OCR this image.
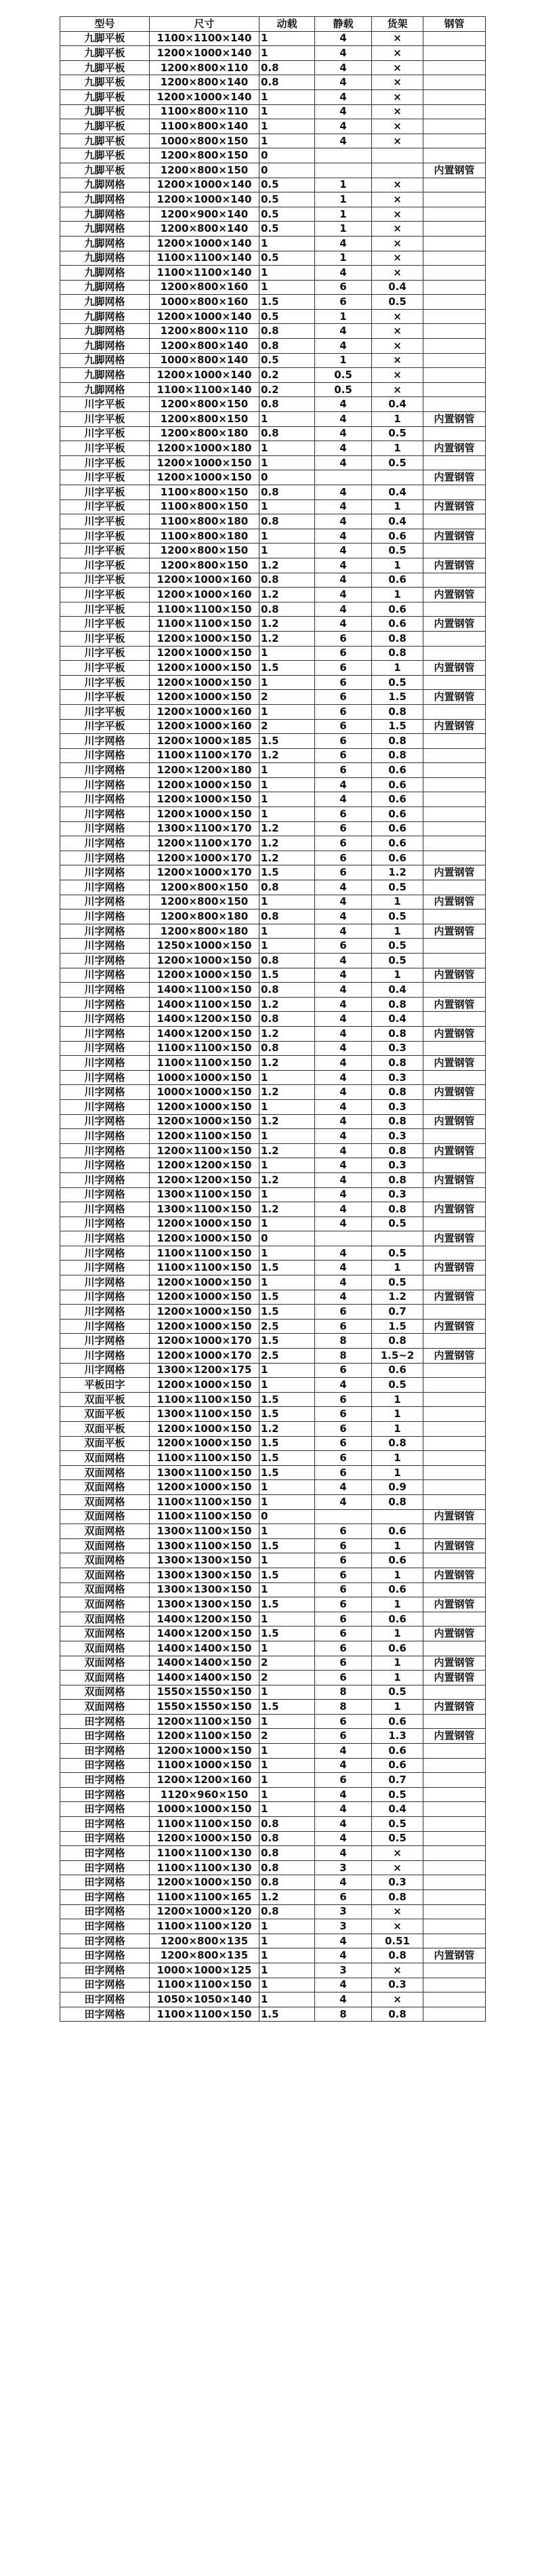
型号	尺寸	动载	静载	货架	钢管
九脚平板	1100×1100×140	1	4	×	
九脚平板	1200×1000×140	1	4	×	
九脚平板	1200×800×110	0.8	4	×	
九脚平板	1200×800×140	0.8	4	×	
九脚平板	1200×1000×140	1	4	×	
九脚平板	1100×800×110	1	4	×	
九脚平板	1100×800×140	1	4	×	
九脚平板	1000×800×150	1	4	×	
九脚平板	1200×800×150	0			
九脚平板	1200×800×150	0			内置钢管
九脚网格	1200×1000×140	0.5	1	×	
九脚网格	1200×1000×140	0.5	1	×	
九脚网格	1200×900×140	0.5	1	×	
九脚网格	1200×800×140	0.5	1	×	
九脚网格	1200×1000×140	1	4	×	
九脚网格	1100×1100×140	0.5	1	×	
九脚网格	1100×1100×140	1	4	×	
九脚网格	1200×800×160	1	6	0.4	
九脚网格	1000×800×160	1.5	6	0.5	
九脚网格	1200×1000×140	0.5	1	×	
九脚网格	1200×800×110	0.8	4	×	
九脚网格	1200×800×140	0.8	4	×	
九脚网格	1000×800×140	0.5	1	×	
九脚网格	1200×1000×140	0.2	0.5	×	
九脚网格	1100×1100×140	0.2	0.5	×	
川字平板	1200×800×150	0.8	4	0.4	
川字平板	1200×800×150	1	4	1	内置钢管
川字平板	1200×800×180	0.8	4	0.5	
川字平板	1200×1000×180	1	4	1	内置钢管
川字平板	1200×1000×150	1	4	0.5	
川字平板	1200×1000×150	0			内置钢管
川字平板	1100×800×150	0.8	4	0.4	
川字平板	1100×800×150	1	4	1	内置钢管
川字平板	1100×800×180	0.8	4	0.4	
川字平板	1100×800×180	1	4	0.6	内置钢管
川字平板	1200×800×150	1	4	0.5	
川字平板	1200×800×150	1.2	4	1	内置钢管
川字平板	1200×1000×160	0.8	4	0.6	
川字平板	1200×1000×160	1.2	4	1	内置钢管
川字平板	1100×1100×150	0.8	4	0.6	
川字平板	1100×1100×150	1.2	4	0.6	内置钢管
川字平板	1200×1000×150	1.2	6	0.8	
川字平板	1200×1000×150	1	6	0.8	
川字平板	1200×1000×150	1.5	6	1	内置钢管
川字平板	1200×1000×150	1	6	0.5	
川字平板	1200×1000×150	2	6	1.5	内置钢管
川字平板	1200×1000×160	1	6	0.8	
川字平板	1200×1000×160	2	6	1.5	内置钢管
川字网格	1200×1000×185	1.5	6	0.8	
川字网格	1100×1100×170	1.2	6	0.8	
川字网格	1200×1200×180	1	6	0.6	
川字网格	1200×1000×150	1	4	0.6	
川字网格	1200×1000×150	1	4	0.6	
川字网格	1200×1000×150	1	6	0.6	
川字网格	1300×1100×170	1.2	6	0.6	
川字网格	1200×1100×170	1.2	6	0.6	
川字网格	1200×1000×170	1.2	6	0.6	
川字网格	1200×1000×170	1.5	6	1.2	内置钢管
川字网格	1200×800×150	0.8	4	0.5	
川字网格	1200×800×150	1	4	1	内置钢管
川字网格	1200×800×180	0.8	4	0.5	
川字网格	1200×800×180	1	4	1	内置钢管
川字网格	1250×1000×150	1	6	0.5	
川字网格	1200×1000×150	0.8	4	0.5	
川字网格	1200×1000×150	1.5	4	1	内置钢管
川字网格	1400×1100×150	0.8	4	0.4	
川字网格	1400×1100×150	1.2	4	0.8	内置钢管
川字网格	1400×1200×150	0.8	4	0.4	
川字网格	1400×1200×150	1.2	4	0.8	内置钢管
川字网格	1100×1100×150	0.8	4	0.3	
川字网格	1100×1100×150	1.2	4	0.8	内置钢管
川字网格	1000×1000×150	1	4	0.3	
川字网格	1000×1000×150	1.2	4	0.8	内置钢管
川字网格	1200×1000×150	1	4	0.3	
川字网格	1200×1000×150	1.2	4	0.8	内置钢管
川字网格	1200×1100×150	1	4	0.3	
川字网格	1200×1100×150	1.2	4	0.8	内置钢管
川字网格	1200×1200×150	1	4	0.3	
川字网格	1200×1200×150	1.2	4	0.8	内置钢管
川字网格	1300×1100×150	1	4	0.3	
川字网格	1300×1100×150	1.2	4	0.8	内置钢管
川字网格	1200×1000×150	1	4	0.5	
川字网格	1200×1000×150	0			内置钢管
川字网格	1100×1100×150	1	4	0.5	
川字网格	1100×1100×150	1.5	4	1	内置钢管
川字网格	1200×1000×150	1	4	0.5	
川字网格	1200×1000×150	1.5	4	1.2	内置钢管
川字网格	1200×1000×150	1.5	6	0.7	
川字网格	1200×1000×150	2.5	6	1.5	内置钢管
川字网格	1200×1000×170	1.5	8	0.8	
川字网格	1200×1000×170	2.5	8	1.5~2	内置钢管
川字网格	1300×1200×175	1	6	0.6	
平板田字	1200×1000×150	1	4	0.5	
双面平板	1100×1100×150	1.5	6	1	
双面平板	1300×1100×150	1.5	6	1	
双面平板	1200×1000×150	1.2	6	1	
双面平板	1200×1000×150	1.5	6	0.8	
双面网格	1100×1100×150	1.5	6	1	
双面网格	1300×1100×150	1.5	6	1	
双面网格	1200×1000×150	1	4	0.9	
双面网格	1100×1100×150	1	4	0.8	
双面网格	1100×1100×150	0			内置钢管
双面网格	1300×1100×150	1	6	0.6	
双面网格	1300×1100×150	1.5	6	1	内置钢管
双面网格	1300×1300×150	1	6	0.6	
双面网格	1300×1300×150	1.5	6	1	内置钢管
双面网格	1300×1300×150	1	6	0.6	
双面网格	1300×1300×150	1.5	6	1	内置钢管
双面网格	1400×1200×150	1	6	0.6	
双面网格	1400×1200×150	1.5	6	1	内置钢管
双面网格	1400×1400×150	1	6	0.6	
双面网格	1400×1400×150	2	6	1	内置钢管
双面网格	1400×1400×150	2	6	1	内置钢管
双面网格	1550×1550×150	1	8	0.5	
双面网格	1550×1550×150	1.5	8	1	内置钢管
田字网格	1200×1100×150	1	6	0.6	
田字网格	1200×1100×150	2	6	1.3	内置钢管
田字网格	1200×1000×150	1	4	0.6	
田字网格	1100×1000×150	1	4	0.6	
田字网格	1200×1200×160	1	6	0.7	
田字网格	1120×960×150	1	4	0.5	
田字网格	1000×1000×150	1	4	0.4	
田字网格	1100×1100×150	0.8	4	0.5	
田字网格	1200×1000×150	0.8	4	0.5	
田字网格	1100×1100×130	0.8	4	×	
田字网格	1100×1100×130	0.8	3	×	
田字网格	1200×1000×150	0.8	4	0.3	
田字网格	1100×1100×165	1.2	6	0.8	
田字网格	1200×1000×120	0.8	3	×	
田字网格	1100×1100×120	1	3	×	
田字网格	1200×800×135	1	4	0.51	
田字网格	1200×800×135	1	4	0.8	内置钢管
田字网格	1000×1000×125	1	3	×	
田字网格	1100×1100×150	1	4	0.3	
田字网格	1050×1050×140	1	4	×	
田字网格	1100×1100×150	1.5	8	0.8	
